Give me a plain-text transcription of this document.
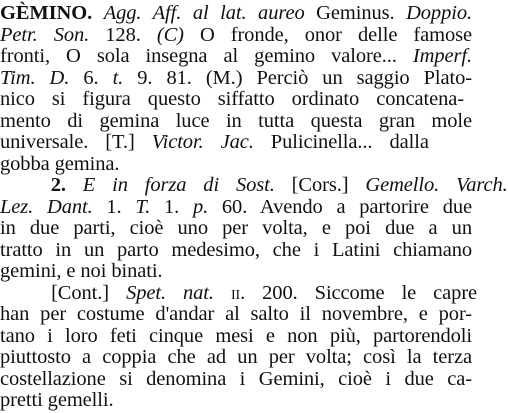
GÈMINO. Agg. Aff. al lat. aureo Geminus. Doppio.
Petr. Son. 128. (C) O fronde, onor delle famose
fronti, O sola insegna al gemino valore... Imperf.
Tim. D. 6. t. 9. 81. (M.) Perciò un saggio Plato-
nico si figura questo siffatto ordinato concatena-
mento di gemina luce in tutta questa gran mole
universale. [T.] Victor. Jac. Pulicinella... dalla
gobba gemina.
2. E in forza di Sost. [Cors.] Gemello. Varch.
Lez. Dant. 1. T. 1. p. 60. Avendo a partorire due
in due parti, cioè uno per volta, e poi due a un
tratto in un parto medesimo, che i Latini chiamano
gemini, e noi binati.
[Cont.] Spet. nat. ii. 200. Siccome le capre
han per costume d'andar al salto il novembre, e por-
tano i loro feti cinque mesi e non più, partorendoli
piuttosto a coppia che ad un per volta; così la terza
costellazione si denomina i Gemini, cioè i due ca-
pretti gemelli.
